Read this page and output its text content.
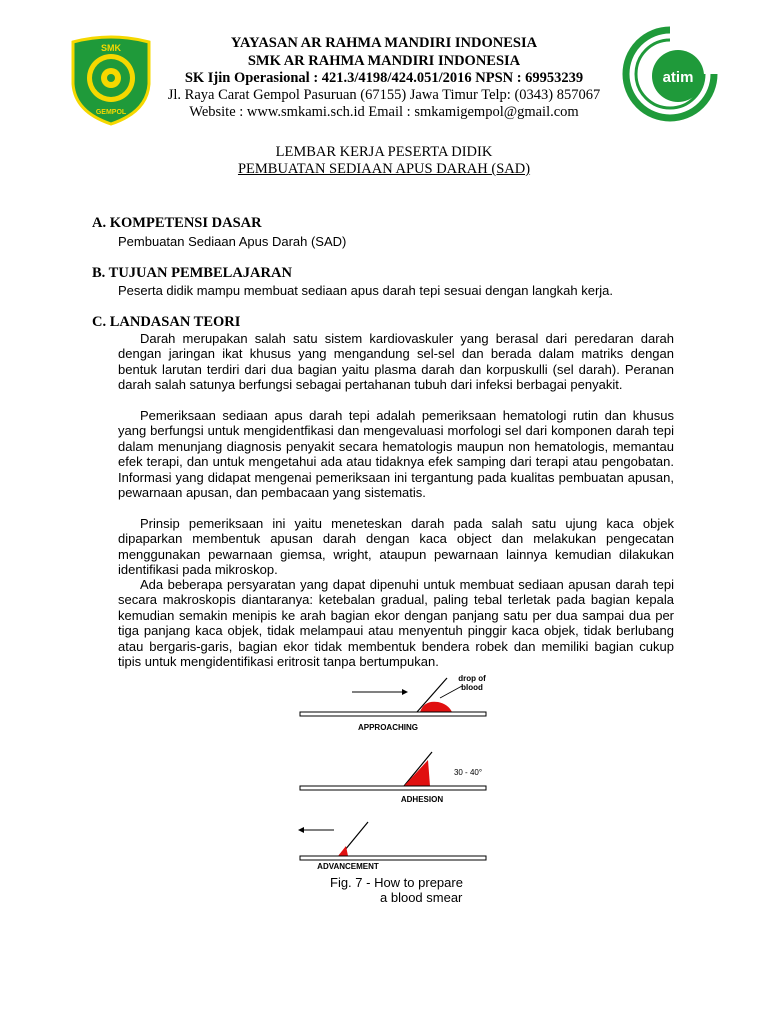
SMK
GEMPOL
YAYASAN AR RAHMA MANDIRI INDONESIA
SMK AR RAHMA MANDIRI INDONESIA
SK Ijin Operasional : 421.3/4198/424.051/2016 NPSN : 69953239
Jl. Raya Carat Gempol Pasuruan (67155) Jawa Timur Telp: (0343) 857067
Website : www.smkami.sch.id Email : smkamigempol@gmail.com
atim
LEMBAR KERJA PESERTA DIDIK
PEMBUATAN SEDIAAN APUS DARAH (SAD)
A. KOMPETENSI DASAR
Pembuatan Sediaan Apus Darah (SAD)
B. TUJUAN PEMBELAJARAN
Peserta didik mampu membuat sediaan apus darah tepi sesuai dengan langkah kerja.
C. LANDASAN TEORI

Darah merupakan salah satu sistem kardiovaskuler yang berasal dari peredaran darah dengan jaringan ikat khusus yang mengandung sel-sel dan berada dalam matriks dengan bentuk larutan terdiri dari dua bagian yaitu plasma darah dan korpuskulli (sel darah). Peranan darah salah satunya berfungsi sebagai pertahanan tubuh dari infeksi berbagai penyakit.

Pemeriksaan sediaan apus darah tepi adalah pemeriksaan hematologi rutin dan khusus yang berfungsi untuk mengidentfikasi dan mengevaluasi morfologi sel dari komponen darah tepi dalam menunjang diagnosis penyakit secara hematologis maupun non hematologis, memantau efek terapi, dan untuk mengetahui ada atau tidaknya efek samping dari terapi atau pengobatan. Informasi yang didapat mengenai pemeriksaan ini tergantung pada kualitas pembuatan apusan, pewarnaan apusan, dan pembacaan yang sistematis.

Prinsip pemeriksaan ini yaitu meneteskan darah pada salah satu ujung kaca objek dipaparkan membentuk apusan darah dengan kaca object dan melakukan pengecatan menggunakan pewarnaan giemsa, wright, ataupun pewarnaan lainnya kemudian dilakukan identifikasi pada mikroskop.

Ada beberapa persyaratan yang dapat dipenuhi untuk membuat sediaan apusan darah tepi secara makroskopis diantaranya: ketebalan gradual, paling tebal terletak pada bagian kepala kemudian semakin menipis ke arah bagian ekor dengan panjang satu per dua sampai dua per tiga panjang kaca objek, tidak melampaui atau menyentuh pinggir kaca objek, tidak berlubang atau bergaris-garis, bagian ekor tidak membentuk bendera robek dan memiliki bagian cukup tipis untuk mengidentifikasi eritrosit tanpa bertumpukan.

drop of
blood
APPROACHING
30 - 40°
ADHESION
ADVANCEMENT
Fig. 7 - How to prepare
a blood smear
